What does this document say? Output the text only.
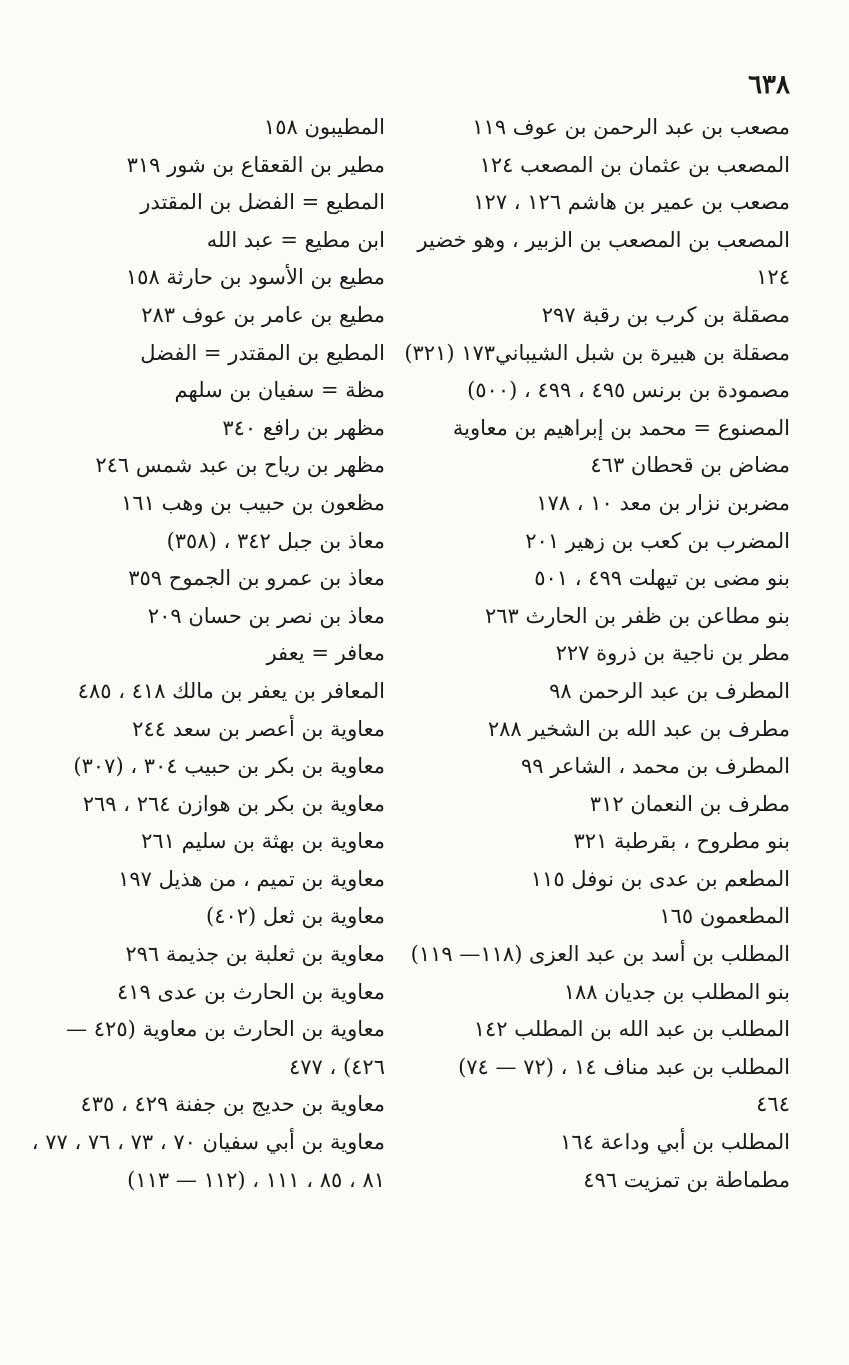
٦٣٨
مصعب بن عبد الرحمن بن عوف ١١٩
المصعب بن عثمان بن المصعب ١٢٤
مصعب بن عمير بن هاشم ١٢٦ ، ١٢٧
المصعب بن المصعب بن الزبير ، وهو خضير
١٢٤
مصقلة بن كرب بن رقبة ٢٩٧
مصقلة بن هبيرة بن شبل الشيباني١٧٣ (٣٢١)
مصمودة بن برنس ٤٩٥ ، ٤٩٩ ، (٥٠٠)
المصنوع = محمد بن إبراهيم بن معاوية
مضاض بن قحطان ٤٦٣
مضربن نزار بن معد ١٠ ، ١٧٨
المضرب بن كعب بن زهير ٢٠١
بنو مضى بن تيهلت ٤٩٩ ، ٥٠١
بنو مطاعن بن ظفر بن الحارث ٢٦٣
مطر بن ناجية بن ذروة ٢٢٧
المطرف بن عبد الرحمن ٩٨
مطرف بن عبد الله بن الشخير ٢٨٨
المطرف بن محمد ، الشاعر ٩٩
مطرف بن النعمان ٣١٢
بنو مطروح ، بقرطبة ٣٢١
المطعم بن عدى بن نوفل ١١٥
المطعمون ١٦٥
المطلب بن أسد بن عبد العزى (١١٨— ١١٩)
بنو المطلب بن جديان ١٨٨
المطلب بن عبد الله بن المطلب ١٤٢
المطلب بن عبد مناف ١٤ ، (٧٢ — ٧٤)
٤٦٤
المطلب بن أبي وداعة ١٦٤
مطماطة بن تمزيت ٤٩٦
المطيبون ١٥٨
مطير بن القعقاع بن شور ٣١٩
المطيع = الفضل بن المقتدر
ابن مطيع = عبد الله
مطيع بن الأسود بن حارثة ١٥٨
مطيع بن عامر بن عوف ٢٨٣
المطيع بن المقتدر = الفضل
مظة = سفيان بن سلهم
مظهر بن رافع ٣٤٠
مظهر بن رياح بن عبد شمس ٢٤٦
مظعون بن حبيب بن وهب ١٦١
معاذ بن جبل ٣٤٢ ، (٣٥٨)
معاذ بن عمرو بن الجموح ٣٥٩
معاذ بن نصر بن حسان ٢٠٩
معافر = يعفر
المعافر بن يعفر بن مالك ٤١٨ ، ٤٨٥
معاوية بن أعصر بن سعد ٢٤٤
معاوية بن بكر بن حبيب ٣٠٤ ، (٣٠٧)
معاوية بن بكر بن هوازن ٢٦٤ ، ٢٦٩
معاوية بن بهثة بن سليم ٢٦١
معاوية بن تميم ، من هذيل ١٩٧
معاوية بن ثعل (٤٠٢)
معاوية بن ثعلبة بن جذيمة ٢٩٦
معاوية بن الحارث بن عدى ٤١٩
معاوية بن الحارث بن معاوية (٤٢٥ —
٤٢٦) ، ٤٧٧
معاوية بن حديج بن جفنة ٤٢٩ ، ٤٣٥
معاوية بن أبي سفيان ٧٠ ، ٧٣ ، ٧٦ ، ٧٧ ،
٨١ ، ٨٥ ، ١١١ ، (١١٢ — ١١٣)
